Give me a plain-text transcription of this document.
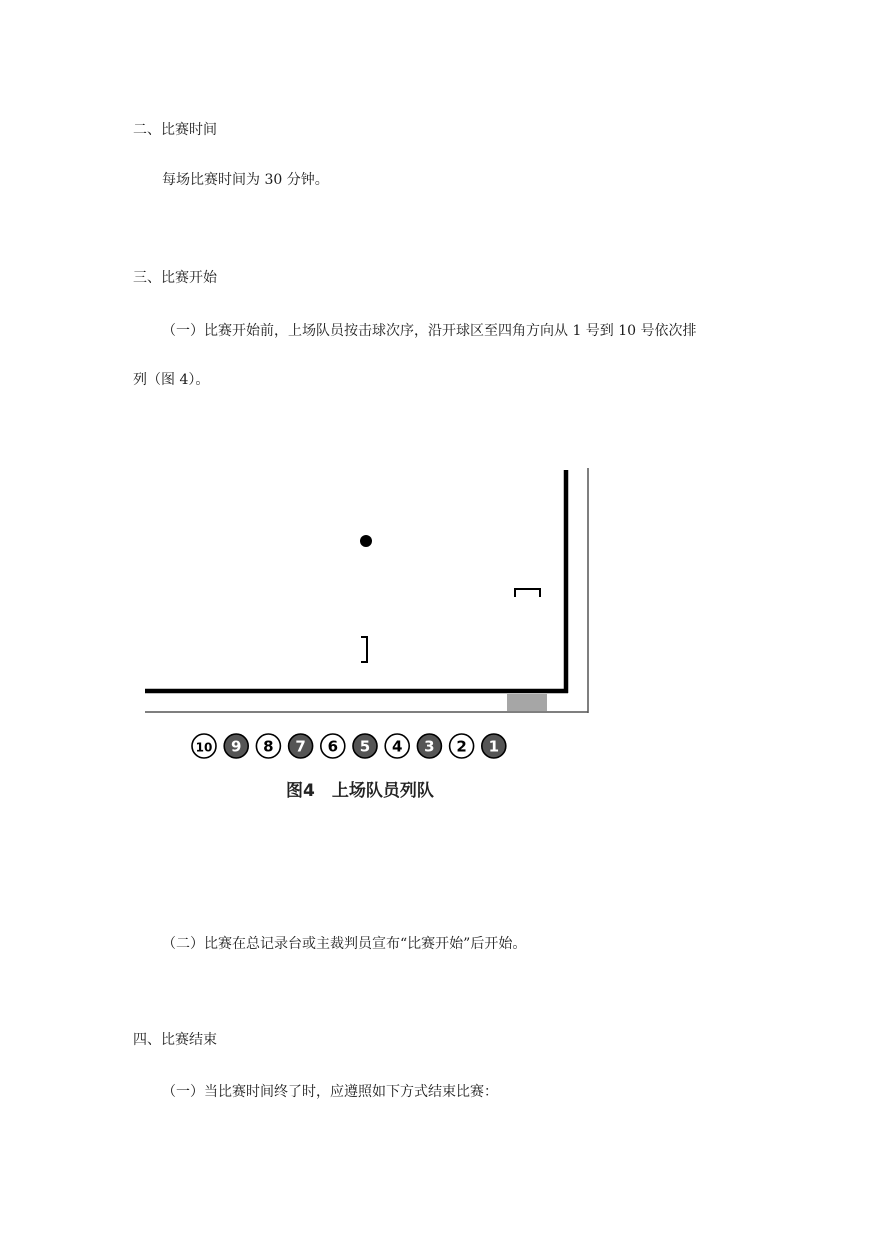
二、比赛时间
每场比赛时间为 30 分钟。
三、比赛开始
（一）比赛开始前，上场队员按击球次序，沿开球区至四角方向从 1 号到 10 号依次排
列（图 4）。
10 9 8 7 6 5 4 3 2 1
图4　上场队员列队
（二）比赛在总记录台或主裁判员宣布“比赛开始”后开始。
四、比赛结束
（一）当比赛时间终了时，应遵照如下方式结束比赛：
